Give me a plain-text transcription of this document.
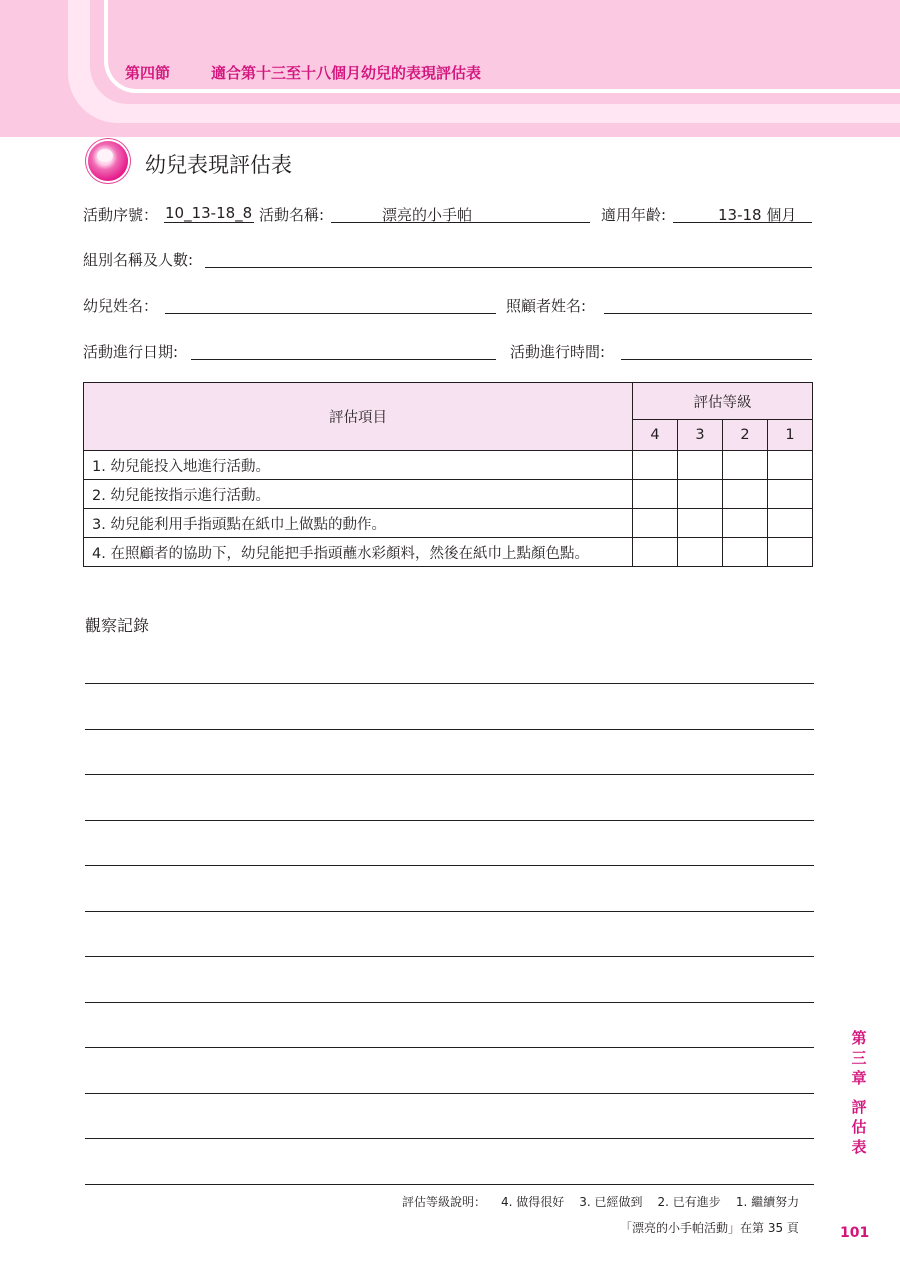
第四節	適合第十三至十八個月幼兒的表現評估表
幼兒表現評估表
活動序號： 10_13-18_8 活動名稱:	漂亮的小手帕	適用年齡:	13-18 個月
組別名稱及人數:
幼兒姓名：	照顧者姓名:
活動進行日期:	活動進行時間:
評估項目	評估等級			
	4	3	2	1
1. 幼兒能投入地進行活動。				
2. 幼兒能按指示進行活動。				
3. 幼兒能利用手指頭點在紙巾上做點的動作。				
4. 在照顧者的協助下，幼兒能把手指頭蘸水彩顏料，然後在紙巾上點顏色點。				
觀察記錄
評估等級說明： 4. 做得很好 3. 已經做到 2. 已有進步 1. 繼續努力
「漂亮的小手帕活動」在第 35 頁	101
第
三
章
評
估
表
